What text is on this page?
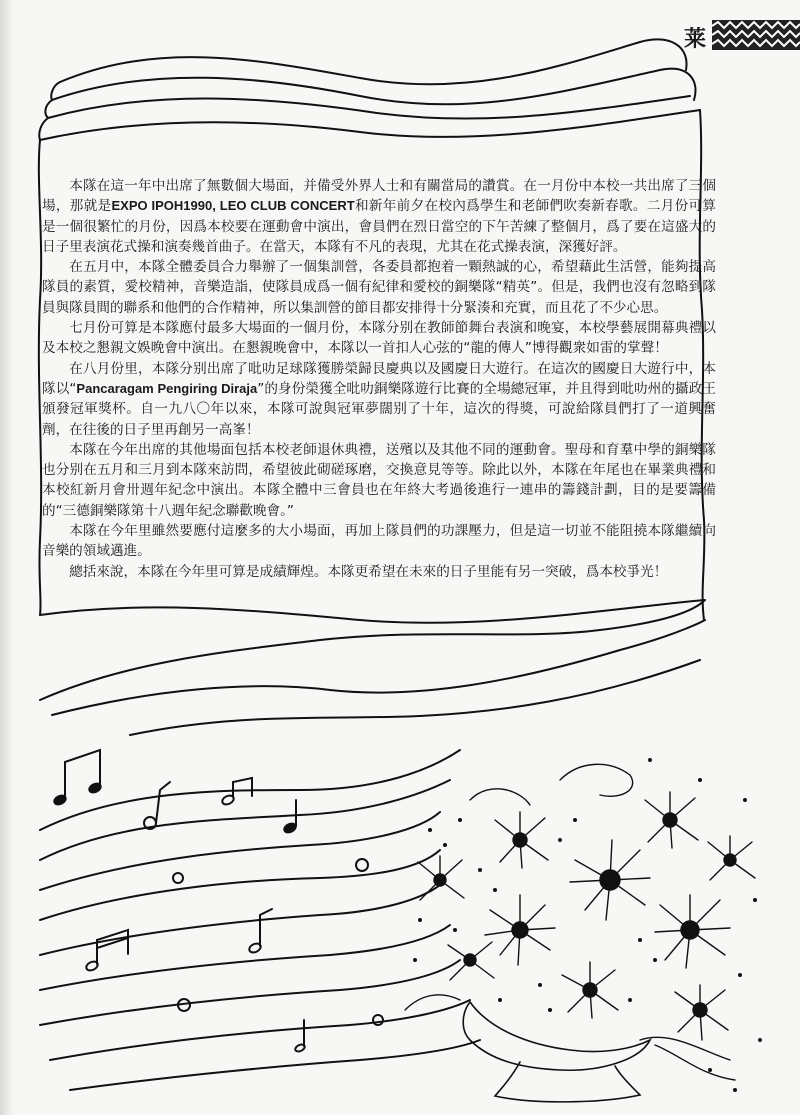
莱

本隊在這一年中出席了無數個大場面，并備受外界人士和有關當局的讚賞。在一月份中本校一共出席了三個場，那就是EXPO IPOH1990, LEO CLUB CONCERT和新年前夕在校內爲學生和老師們吹奏新春歌。二月份可算是一個很繁忙的月份，因爲本校要在運動會中演出，會員們在烈日當空的下午苦練了整個月，爲了要在這盛大的日子里表演花式操和演奏幾首曲子。在當天，本隊有不凡的表現，尤其在花式操表演，深獲好評。

在五月中，本隊全體委員合力舉辦了一個集訓營，各委員都抱着一顆熱誠的心，希望藉此生活營，能夠提高隊員的素質，愛校精神，音樂造詣，使隊員成爲一個有紀律和愛校的銅樂隊“精英”。但是，我們也沒有忽略到隊員與隊員間的聯系和他們的合作精神，所以集訓營的節目都安排得十分緊湊和充實，而且花了不少心思。

七月份可算是本隊應付最多大場面的一個月份，本隊分别在教師節舞台表演和晚宴，本校學藝展開幕典禮以及本校之懇親文娛晚會中演出。在懇親晚會中，本隊以一首扣人心弦的“龍的傳人”博得觀衆如雷的掌聲！

在八月份里，本隊分别出席了吡叻足球隊獲勝榮歸艮慶典以及國慶日大遊行。在這次的國慶日大遊行中，本隊以“Pancaragam Pengiring Diraja”的身份榮獲全吡叻銅樂隊遊行比賽的全場總冠軍，并且得到吡叻州的攝政王頒發冠軍獎杯。自一九八〇年以來，本隊可說與冠軍夢闊别了十年，這次的得獎，可說給隊員們打了一道興奮劑，在往後的日子里再創另一高峯！

本隊在今年出席的其他場面包括本校老師退休典禮，送殯以及其他不同的運動會。聖母和育羣中學的銅樂隊也分别在五月和三月到本隊來訪問，希望彼此砌磋琢磨，交換意見等等。除此以外，本隊在年尾也在畢業典禮和本校紅新月會卅週年紀念中演出。本隊全體中三會員也在年終大考過後進行一連串的籌錢計劃，目的是要籌備　　　　的“三德銅樂隊第十八週年紀念聯歡晚會。”

本隊在今年里雖然要應付這麼多的大小場面，再加上隊員們的功課壓力，但是這一切並不能阻撓本隊繼續向音樂的領域邁進。

總括來說，本隊在今年里可算是成績輝煌。本隊更希望在未來的日子里能有另一突破，爲本校爭光！
